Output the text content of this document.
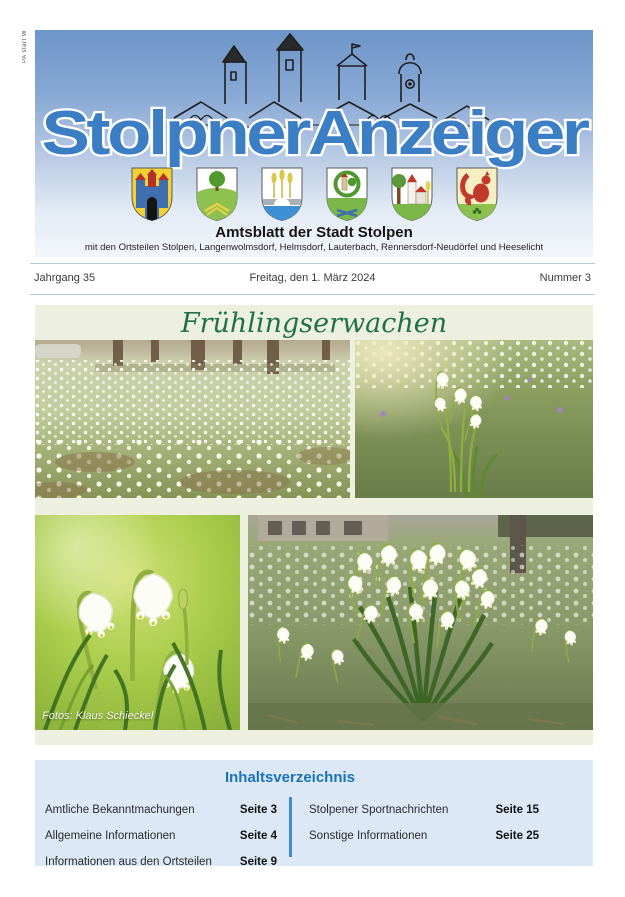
PA start W
StolpnerAnzeiger
Amtsblatt der Stadt Stolpen
mit den Ortsteilen Stolpen, Langenwolmsdorf, Helmsdorf, Lauterbach, Rennersdorf-Neudörfel und Heeselicht
Jahrgang 35	Freitag, den 1. März 2024	Nummer 3
Frühlingserwachen
Fotos: Klaus Schieckel
Inhaltsverzeichnis
Amtliche Bekanntmachungen	Seite 3
Allgemeine Informationen	Seite 4
Informationen aus den Ortsteilen Seite 9
Stolpener Sportnachrichten	Seite 15
Sonstige Informationen	Seite 25
